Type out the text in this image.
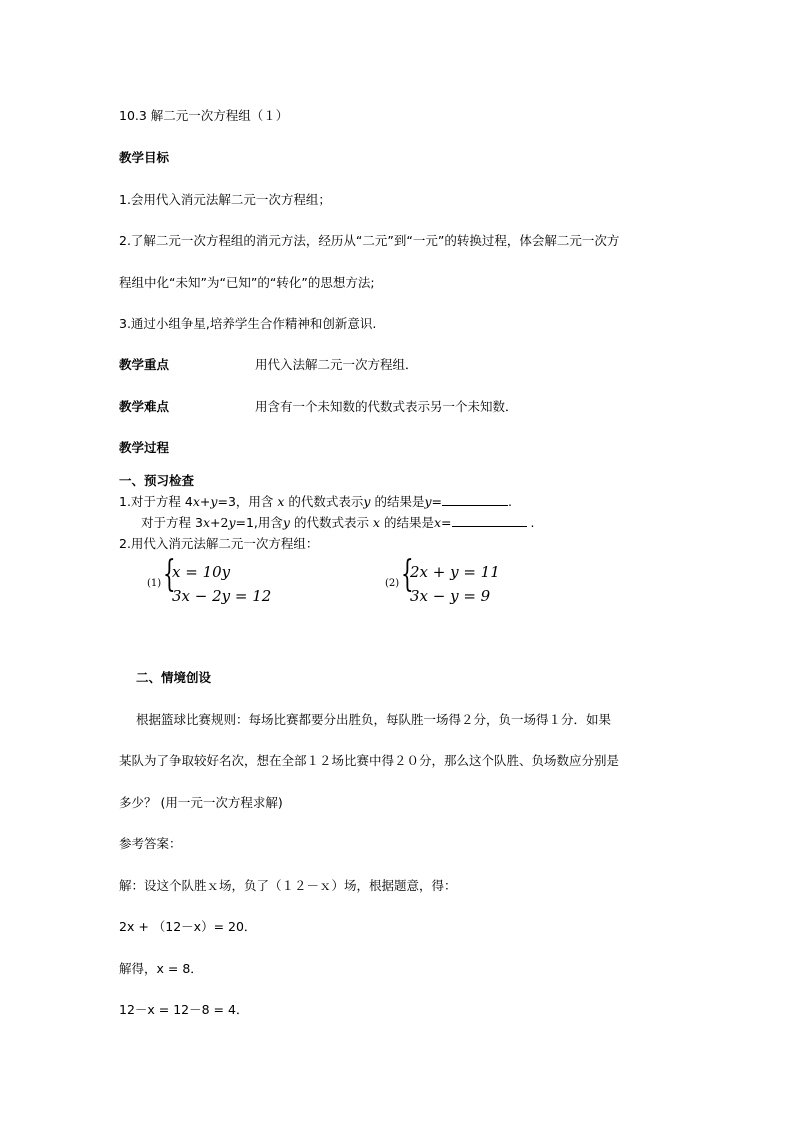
10.3 解二元一次方程组（１）
教学目标
1.会用代入消元法解二元一次方程组；
2.了解二元一次方程组的消元方法，经历从“二元”到“一元”的转换过程，体会解二元一次方
程组中化“未知”为“已知”的“转化”的思想方法;
3.通过小组争星,培养学生合作精神和创新意识.
教学重点	用代入法解二元一次方程组．
教学难点	用含有一个未知数的代数式表示另一个未知数．
教学过程
一、预习检查
1.对于方程 4x+y=3，用含 x 的代数式表示y 的结果是y=	.
对于方程 3x+2y=1,用含y 的代数式表示 x 的结果是x=	.
2.用代入消元法解二元一次方程组：
(1) {
x = 10y
3x − 2y = 12
(2) {
2x + y = 11
3x − y = 9
二、情境创设
根据篮球比赛规则：每场比赛都要分出胜负，每队胜一场得２分，负一场得１分．如果
某队为了争取较好名次，想在全部１２场比赛中得２０分，那么这个队胜、负场数应分别是
多少？ (用一元一次方程求解)
参考答案：
解：设这个队胜ｘ场，负了（１２－ｘ）场，根据题意，得：
2x + （12－x）= 20．
解得，x = 8．
12－x = 12－8 = 4．
